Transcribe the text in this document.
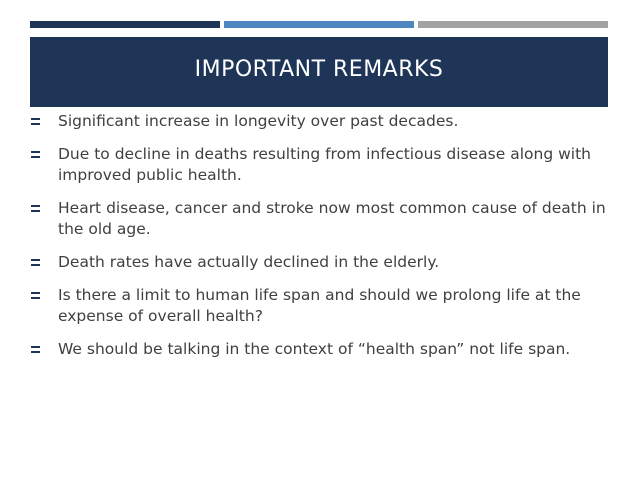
IMPORTANT REMARKS
Significant increase in longevity over past decades.
Due to decline in deaths resulting from infectious disease along with improved public health.
Heart disease, cancer and stroke now most common cause of death in the old age.
Death rates have actually declined in the elderly.
Is there a limit to human life span and should we prolong life at the expense of overall health?
We should be talking in the context of “health span” not life span.
